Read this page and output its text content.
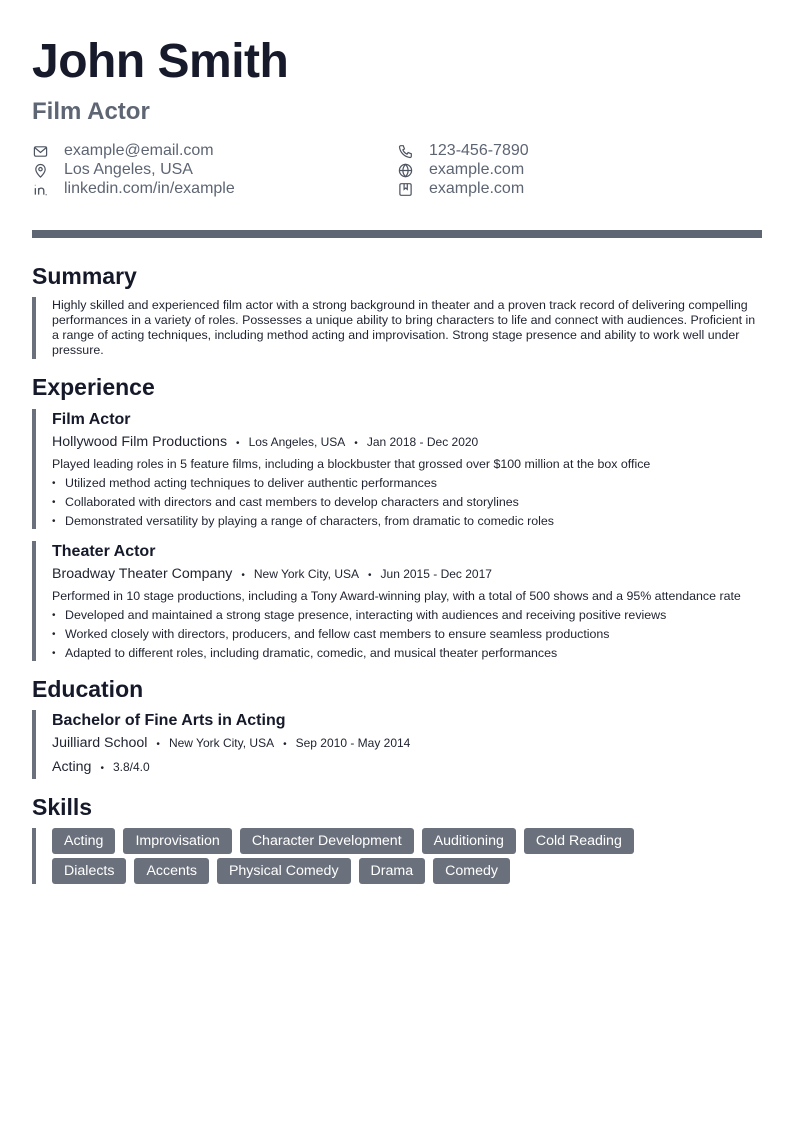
John Smith
Film Actor
example@email.com	123-456-7890
Los Angeles, USA	example.com
linkedin.com/in/example	example.com
Summary
Highly skilled and experienced film actor with a strong background in theater and a proven track record of delivering compelling performances in a variety of roles. Possesses a unique ability to bring characters to life and connect with audiences. Proficient in a range of acting techniques, including method acting and improvisation. Strong stage presence and ability to work well under pressure.
Experience
Film Actor
Hollywood Film Productions • Los Angeles, USA • Jan 2018 - Dec 2020
Played leading roles in 5 feature films, including a blockbuster that grossed over $100 million at the box office
• Utilized method acting techniques to deliver authentic performances
• Collaborated with directors and cast members to develop characters and storylines
• Demonstrated versatility by playing a range of characters, from dramatic to comedic roles
Theater Actor
Broadway Theater Company • New York City, USA • Jun 2015 - Dec 2017
Performed in 10 stage productions, including a Tony Award-winning play, with a total of 500 shows and a 95% attendance rate
• Developed and maintained a strong stage presence, interacting with audiences and receiving positive reviews
• Worked closely with directors, producers, and fellow cast members to ensure seamless productions
• Adapted to different roles, including dramatic, comedic, and musical theater performances
Education
Bachelor of Fine Arts in Acting
Juilliard School • New York City, USA • Sep 2010 - May 2014
Acting • 3.8/4.0
Skills
Acting	Improvisation	Character Development	Auditioning	Cold Reading
Dialects	Accents	Physical Comedy	Drama	Comedy
